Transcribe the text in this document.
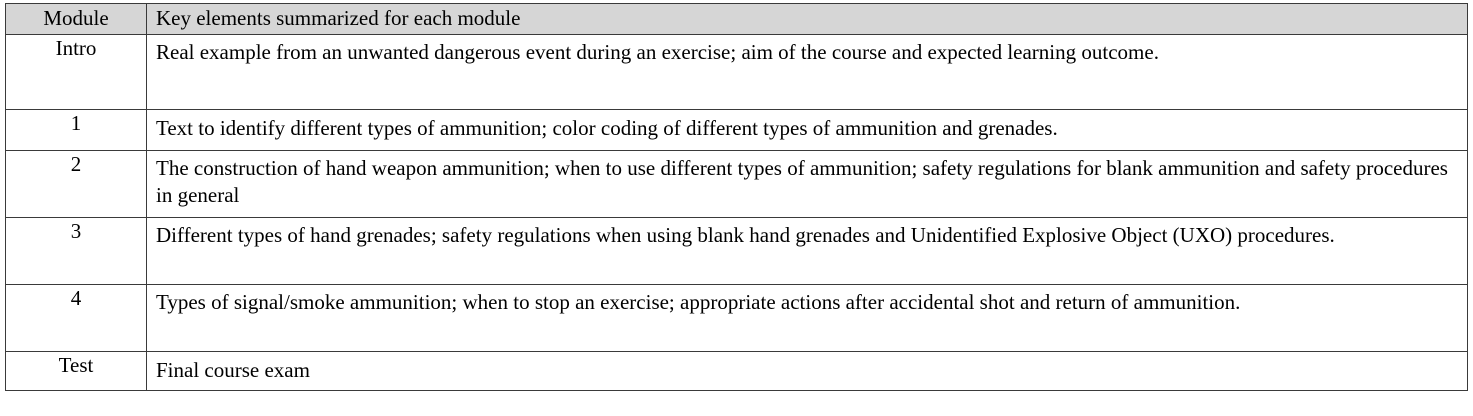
Module	Key elements summarized for each module
Intro	Real example from an unwanted dangerous event during an exercise; aim of the course and expected learning outcome.
1	Text to identify different types of ammunition; color coding of different types of ammunition and grenades.
2	The construction of hand weapon ammunition; when to use different types of ammunition; safety regulations for blank ammunition and safety procedures in general
3	Different types of hand grenades; safety regulations when using blank hand grenades and Unidentified Explosive Object (UXO) procedures.
4	Types of signal/smoke ammunition; when to stop an exercise; appropriate actions after accidental shot and return of ammunition.
Test	Final course exam
